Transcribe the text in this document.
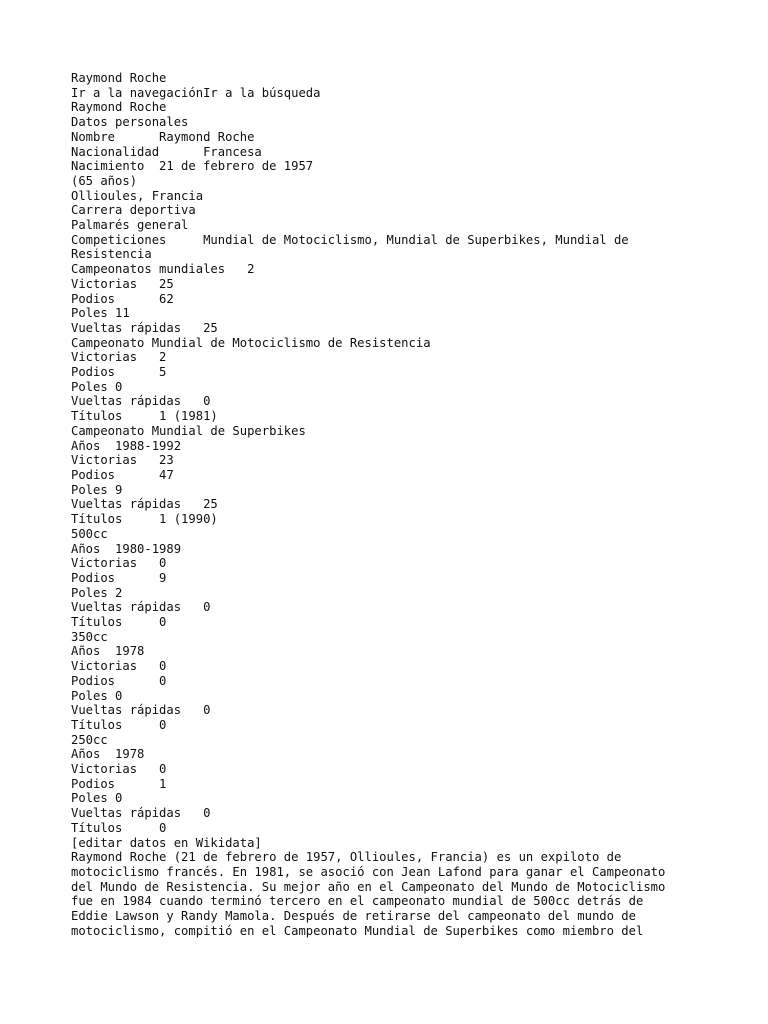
Raymond Roche
Ir a la navegaciónIr a la búsqueda
Raymond Roche
Datos personales
Nombre      Raymond Roche
Nacionalidad      Francesa
Nacimiento  21 de febrero de 1957
(65 años)
Ollioules, Francia
Carrera deportiva
Palmarés general
Competiciones     Mundial de Motociclismo, Mundial de Superbikes, Mundial de
Resistencia
Campeonatos mundiales   2
Victorias   25
Podios      62
Poles 11
Vueltas rápidas   25
Campeonato Mundial de Motociclismo de Resistencia
Victorias   2
Podios      5
Poles 0
Vueltas rápidas   0
Títulos     1 (1981)
Campeonato Mundial de Superbikes
Años  1988-1992
Victorias   23
Podios      47
Poles 9
Vueltas rápidas   25
Títulos     1 (1990)
500cc
Años  1980-1989
Victorias   0
Podios      9
Poles 2
Vueltas rápidas   0
Títulos     0
350cc
Años  1978
Victorias   0
Podios      0
Poles 0
Vueltas rápidas   0
Títulos     0
250cc
Años  1978
Victorias   0
Podios      1
Poles 0
Vueltas rápidas   0
Títulos     0
[editar datos en Wikidata]
Raymond Roche (21 de febrero de 1957, Ollioules, Francia) es un expiloto de
motociclismo francés. En 1981, se asoció con Jean Lafond para ganar el Campeonato
del Mundo de Resistencia. Su mejor año en el Campeonato del Mundo de Motociclismo
fue en 1984 cuando terminó tercero en el campeonato mundial de 500cc detrás de
Eddie Lawson y Randy Mamola. Después de retirarse del campeonato del mundo de
motociclismo, compitió en el Campeonato Mundial de Superbikes como miembro del
